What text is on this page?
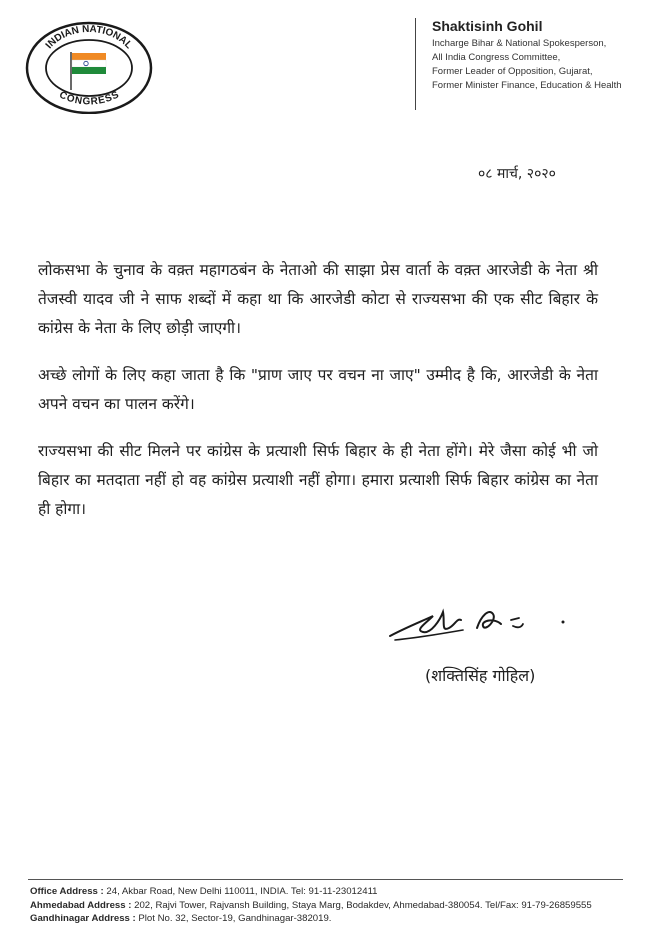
INDIAN NATIONAL
CONGRESS
Shaktisinh Gohil
Incharge Bihar & National Spokesperson,
All India Congress Committee,
Former Leader of Opposition, Gujarat,
Former Minister Finance, Education & Health
०८ मार्च, २०२०

लोकसभा के चुनाव के वक़्त महागठबंन के नेताओ की साझा प्रेस वार्ता के वक़्त आरजेडी के नेता श्री तेजस्वी यादव जी ने साफ शब्दों में कहा था कि आरजेडी कोटा से राज्यसभा की एक सीट बिहार के कांग्रेस के नेता के लिए छोड़ी जाएगी।

अच्छे लोगों के लिए कहा जाता है कि "प्राण जाए पर वचन ना जाए" उम्मीद है कि, आरजेडी के नेता अपने वचन का पालन करेंगे।

राज्यसभा की सीट मिलने पर कांग्रेस के प्रत्याशी सिर्फ बिहार के ही नेता होंगे। मेरे जैसा कोई भी जो बिहार का मतदाता नहीं हो वह कांग्रेस प्रत्याशी नहीं होगा। हमारा प्रत्याशी सिर्फ बिहार कांग्रेस का नेता ही होगा।

(शक्तिसिंह गोहिल)
Office Address : 24, Akbar Road, New Delhi 110011, INDIA. Tel: 91-11-23012411
Ahmedabad Address : 202, Rajvi Tower, Rajvansh Building, Staya Marg, Bodakdev, Ahmedabad-380054. Tel/Fax: 91-79-26859555
Gandhinagar Address : Plot No. 32, Sector-19, Gandhinagar-382019.
